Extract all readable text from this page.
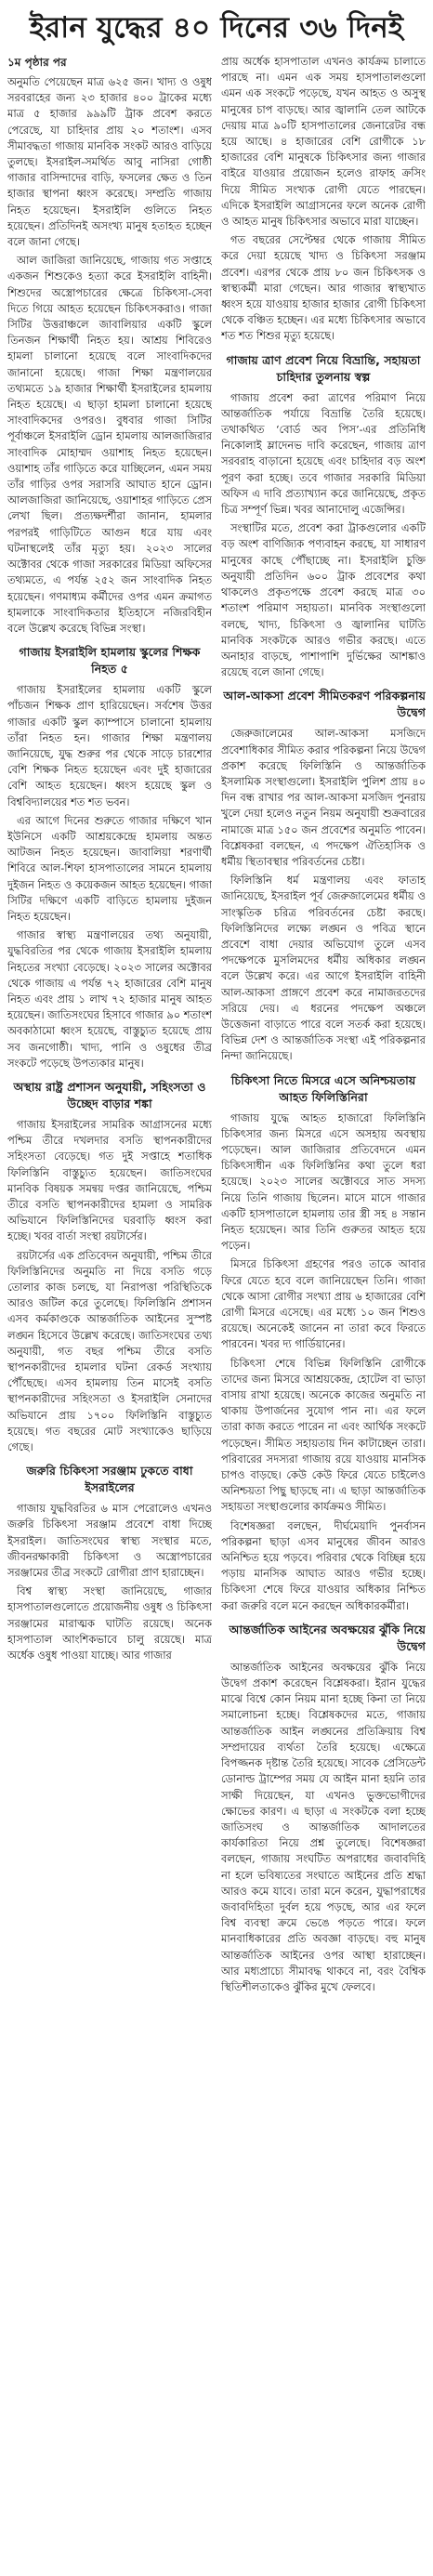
ইরান যুদ্ধের ৪০ দিনের ৩৬ দিনই
১ম পৃষ্ঠার পর

অনুমতি পেয়েছেন মাত্র ৬২৫ জন। খাদ্য ও ওষুধ সরবরাহের জন্য ২৩ হাজার ৪০০ ট্রাকের মধ্যে মাত্র ৫ হাজার ৯৯৯টি ট্রাক প্রবেশ করতে পেরেছে, যা চাহিদার প্রায় ২০ শতাংশ। এসব সীমাবদ্ধতা গাজায় মানবিক সংকট আরও বাড়িয়ে তুলছে। ইসরাইল-সমর্থিত আবু নাসিরা গোষ্ঠী গাজার বাসিন্দাদের বাড়ি, ফসলের ক্ষেত ও তিন হাজার স্থাপনা ধ্বংস করেছে। সম্প্রতি গাজায় নিহত হয়েছেন। ইসরাইলি গুলিতে নিহত হয়েছেন। প্রতিদিনই অসংখ্য মানুষ হতাহত হচ্ছেন বলে জানা গেছে।

আল জাজিরা জানিয়েছে, গাজায় গত সপ্তাহে একজন শিশুকেও হত্যা করে ইসরাইলি বাহিনী। শিশুদের অস্ত্রোপচারের ক্ষেত্রে চিকিৎসা-সেবা দিতে গিয়ে আহত হয়েছেন চিকিৎসকরাও। গাজা সিটির উত্তরাঞ্চলে জাবালিয়ার একটি স্কুলে তিনজন শিক্ষার্থী নিহত হয়। আশ্রয় শিবিরেও হামলা চালানো হয়েছে বলে সাংবাদিকদের জানানো হয়েছে। গাজা শিক্ষা মন্ত্রণালয়ের তথ্যমতে ১৯ হাজার শিক্ষার্থী ইসরাইলের হামলায় নিহত হয়েছে। এ ছাড়া হামলা চালানো হয়েছে সাংবাদিকদের ওপরও। বুধবার গাজা সিটির পূর্বাঞ্চলে ইসরাইলি ড্রোন হামলায় আলজাজিরার সাংবাদিক মোহাম্মদ ওয়াশাহ নিহত হয়েছেন। ওয়াশাহ তাঁর গাড়িতে করে যাচ্ছিলেন, এমন সময় তাঁর গাড়ির ওপর সরাসরি আঘাত হানে ড্রোন। আলজাজিরা জানিয়েছে, ওয়াশাহর গাড়িতে প্রেস লেখা ছিল। প্রত্যক্ষদর্শীরা জানান, হামলার পরপরই গাড়িটিতে আগুন ধরে যায় এবং ঘটনাস্থলেই তাঁর মৃত্যু হয়। ২০২৩ সালের অক্টোবর থেকে গাজা সরকারের মিডিয়া অফিসের তথ্যমতে, এ পর্যন্ত ২৫২ জন সাংবাদিক নিহত হয়েছেন। গণমাধ্যম কর্মীদের ওপর এমন ক্রমাগত হামলাকে সাংবাদিকতার ইতিহাসে নজিরবিহীন বলে উল্লেখ করেছে বিভিন্ন সংস্থা।

গাজায় ইসরাইলি হামলায় স্কুলের শিক্ষক নিহত ৫

গাজায় ইসরাইলের হামলায় একটি স্কুলে পাঁচজন শিক্ষক প্রাণ হারিয়েছেন। সর্বশেষ উত্তর গাজার একটি স্কুল ক্যাম্পাসে চালানো হামলায় তাঁরা নিহত হন। গাজার শিক্ষা মন্ত্রণালয় জানিয়েছে, যুদ্ধ শুরুর পর থেকে সাড়ে চারশোর বেশি শিক্ষক নিহত হয়েছেন এবং দুই হাজারের বেশি আহত হয়েছেন। ধ্বংস হয়েছে স্কুল ও বিশ্ববিদ্যালয়ের শত শত ভবন।

এর আগে দিনের শুরুতে গাজার দক্ষিণে খান ইউনিসে একটি আশ্রয়কেন্দ্রে হামলায় অন্তত আটজন নিহত হয়েছেন। জাবালিয়া শরণার্থী শিবিরে আল-শিফা হাসপাতালের সামনে হামলায় দুইজন নিহত ও কয়েকজন আহত হয়েছেন। গাজা সিটির দক্ষিণে একটি বাড়িতে হামলায় দুইজন নিহত হয়েছেন।

গাজার স্বাস্থ্য মন্ত্রণালয়ের তথ্য অনুযায়ী, যুদ্ধবিরতির পর থেকে গাজায় ইসরাইলি হামলায় নিহতের সংখ্যা বেড়েছে। ২০২৩ সালের অক্টোবর থেকে গাজায় এ পর্যন্ত ৭২ হাজারের বেশি মানুষ নিহত এবং প্রায় ১ লাখ ৭২ হাজার মানুষ আহত হয়েছেন। জাতিসংঘের হিসাবে গাজার ৯০ শতাংশ অবকাঠামো ধ্বংস হয়েছে, বাস্তুচ্যুত হয়েছে প্রায় সব জনগোষ্ঠী। খাদ্য, পানি ও ওষুধের তীব্র সংকটে পড়েছে উপত্যকার মানুষ।

অস্থায় রাষ্ট্র প্রশাসন অনুযায়ী, সহিংসতা ও উচ্ছেদ বাড়ার শঙ্কা

গাজায় ইসরাইলের সামরিক আগ্রাসনের মধ্যে পশ্চিম তীরে দখলদার বসতি স্থাপনকারীদের সহিংসতা বেড়েছে। গত দুই সপ্তাহে শতাধিক ফিলিস্তিনি বাস্তুচ্যুত হয়েছেন। জাতিসংঘের মানবিক বিষয়ক সমন্বয় দপ্তর জানিয়েছে, পশ্চিম তীরে বসতি স্থাপনকারীদের হামলা ও সামরিক অভিযানে ফিলিস্তিনিদের ঘরবাড়ি ধ্বংস করা হচ্ছে। খবর বার্তা সংস্থা রয়টার্সের।

রয়টার্সের এক প্রতিবেদন অনুযায়ী, পশ্চিম তীরে ফিলিস্তিনিদের অনুমতি না দিয়ে বসতি গড়ে তোলার কাজ চলছে, যা নিরাপত্তা পরিস্থিতিকে আরও জটিল করে তুলেছে। ফিলিস্তিনি প্রশাসন এসব কর্মকাণ্ডকে আন্তর্জাতিক আইনের সুস্পষ্ট লঙ্ঘন হিসেবে উল্লেখ করেছে। জাতিসংঘের তথ্য অনুযায়ী, গত বছর পশ্চিম তীরে বসতি স্থাপনকারীদের হামলার ঘটনা রেকর্ড সংখ্যায় পৌঁছেছে। এসব হামলায় তিন মাসেই বসতি স্থাপনকারীদের সহিংসতা ও ইসরাইলি সেনাদের অভিযানে প্রায় ১৭০০ ফিলিস্তিনি বাস্তুচ্যুত হয়েছে। গত বছরের মোট সংখ্যাকেও ছাড়িয়ে গেছে।

জরুরি চিকিৎসা সরঞ্জাম ঢুকতে বাধা ইসরাইলের

গাজায় যুদ্ধবিরতির ৬ মাস পেরোলেও এখনও জরুরি চিকিৎসা সরঞ্জাম প্রবেশে বাধা দিচ্ছে ইসরাইল। জাতিসংঘের স্বাস্থ্য সংস্থার মতে, জীবনরক্ষাকারী চিকিৎসা ও অস্ত্রোপচারের সরঞ্জামের তীব্র সংকটে রোগীরা প্রাণ হারাচ্ছেন।

বিশ্ব স্বাস্থ্য সংস্থা জানিয়েছে, গাজার হাসপাতালগুলোতে প্রয়োজনীয় ওষুধ ও চিকিৎসা সরঞ্জামের মারাত্মক ঘাটতি রয়েছে। অনেক হাসপাতাল আংশিকভাবে চালু রয়েছে। মাত্র অর্ধেক ওষুধ পাওয়া যাচ্ছে। আর গাজার

প্রায় অর্ধেক হাসপাতাল এখনও কার্যক্রম চালাতে পারছে না। এমন এক সময় হাসপাতালগুলো এমন এক সংকটে পড়েছে, যখন আহত ও অসুস্থ মানুষের চাপ বাড়ছে। আর জ্বালানি তেল আটকে দেয়ায় মাত্র ৯০টি হাসপাতালের জেনারেটর বন্ধ হয়ে আছে। ৪ হাজারের বেশি রোগীকে ১৮ হাজারের বেশি মানুষকে চিকিৎসার জন্য গাজার বাইরে যাওয়ার প্রয়োজন হলেও রাফাহ ক্রসিং দিয়ে সীমিত সংখ্যক রোগী যেতে পারছেন। এদিকে ইসরাইলি আগ্রাসনের ফলে অনেক রোগী ও আহত মানুষ চিকিৎসার অভাবে মারা যাচ্ছেন।

গত বছরের সেপ্টেম্বর থেকে গাজায় সীমিত করে দেয়া হয়েছে খাদ্য ও চিকিৎসা সরঞ্জাম প্রবেশ। এরপর থেকে প্রায় ৮০ জন চিকিৎসক ও স্বাস্থ্যকর্মী মারা গেছেন। আর গাজার স্বাস্থ্যখাত ধ্বংস হয়ে যাওয়ায় হাজার হাজার রোগী চিকিৎসা থেকে বঞ্চিত হচ্ছেন। এর মধ্যে চিকিৎসার অভাবে শত শত শিশুর মৃত্যু হয়েছে।

গাজায় ত্রাণ প্রবেশ নিয়ে বিভ্রান্তি, সহায়তা চাহিদার তুলনায় স্বল্প

গাজায় প্রবেশ করা ত্রাণের পরিমাণ নিয়ে আন্তর্জাতিক পর্যায়ে বিভ্রান্তি তৈরি হয়েছে। তথাকথিত ‘বোর্ড অব পিস’-এর প্রতিনিধি নিকোলাই ম্লাদেনভ দাবি করেছেন, গাজায় ত্রাণ সরবরাহ বাড়ানো হয়েছে এবং চাহিদার বড় অংশ পূরণ করা হচ্ছে। তবে গাজার সরকারি মিডিয়া অফিস এ দাবি প্রত্যাখ্যান করে জানিয়েছে, প্রকৃত চিত্র সম্পূর্ণ ভিন্ন। খবর আনাদোলু এজেন্সির।

সংস্থাটির মতে, প্রবেশ করা ট্রাকগুলোর একটি বড় অংশ বাণিজ্যিক পণ্যবাহন করছে, যা সাধারণ মানুষের কাছে পৌঁছাচ্ছে না। ইসরাইলি চুক্তি অনুযায়ী প্রতিদিন ৬০০ ট্রাক প্রবেশের কথা থাকলেও প্রকৃতপক্ষে প্রবেশ করছে মাত্র ৩০ শতাংশ পরিমাণ সহায়তা। মানবিক সংস্থাগুলো বলছে, খাদ্য, চিকিৎসা ও জ্বালানির ঘাটতি মানবিক সংকটকে আরও গভীর করছে। এতে অনাহার বাড়ছে, পাশাপাশি দুর্ভিক্ষের আশঙ্কাও রয়েছে বলে জানা গেছে।

আল-আকসা প্রবেশ সীমিতকরণ পরিকল্পনায় উদ্বেগ

জেরুজালেমের আল-আকসা মসজিদে প্রবেশাধিকার সীমিত করার পরিকল্পনা নিয়ে উদ্বেগ প্রকাশ করেছে ফিলিস্তিনি ও আন্তর্জাতিক ইসলামিক সংস্থাগুলো। ইসরাইলি পুলিশ প্রায় ৪০ দিন বন্ধ রাখার পর আল-আকসা মসজিদ পুনরায় খুলে দেয়া হলেও নতুন নিয়ম অনুযায়ী শুক্রবারের নামাজে মাত্র ১৫০ জন প্রবেশের অনুমতি পাবেন। বিশ্লেষকরা বলছেন, এ পদক্ষেপ ঐতিহাসিক ও ধর্মীয় স্থিতাবস্থার পরিবর্তনের চেষ্টা।

ফিলিস্তিনি ধর্ম মন্ত্রণালয় এবং ফাতাহ জানিয়েছে, ইসরাইল পূর্ব জেরুজালেমের ধর্মীয় ও সাংস্কৃতিক চরিত্র পরিবর্তনের চেষ্টা করছে। ফিলিস্তিনিদের লক্ষ্যে লঙ্ঘন ও পবিত্র স্থানে প্রবেশে বাধা দেয়ার অভিযোগ তুলে এসব পদক্ষেপকে মুসলিমদের ধর্মীয় অধিকার লঙ্ঘন বলে উল্লেখ করে। এর আগে ইসরাইলি বাহিনী আল-আকসা প্রাঙ্গণে প্রবেশ করে নামাজরতদের সরিয়ে দেয়। এ ধরনের পদক্ষেপ অঞ্চলে উত্তেজনা বাড়াতে পারে বলে সতর্ক করা হয়েছে। বিভিন্ন দেশ ও আন্তর্জাতিক সংস্থা এই পরিকল্পনার নিন্দা জানিয়েছে।

চিকিৎসা নিতে মিসরে এসে অনিশ্চয়তায় আহত ফিলিস্তিনিরা

গাজায় যুদ্ধে আহত হাজারো ফিলিস্তিনি চিকিৎসার জন্য মিসরে এসে অসহায় অবস্থায় পড়েছেন। আল জাজিরার প্রতিবেদনে এমন চিকিৎসাধীন এক ফিলিস্তিনির কথা তুলে ধরা হয়েছে। ২০২৩ সালের অক্টোবরে সাত সদস্য নিয়ে তিনি গাজায় ছিলেন। মাসে মাসে গাজার একটি হাসপাতালে হামলায় তার স্ত্রী সহ ৪ সন্তান নিহত হয়েছেন। আর তিনি গুরুতর আহত হয়ে পড়েন।

মিসরে চিকিৎসা গ্রহণের পরও তাকে আবার ফিরে যেতে হবে বলে জানিয়েছেন তিনি। গাজা থেকে আসা রোগীর সংখ্যা প্রায় ৬ হাজারের বেশি রোগী মিসরে এসেছে। এর মধ্যে ১০ জন শিশুও রয়েছে। অনেকেই জানেন না তারা কবে ফিরতে পারবেন। খবর দ্য গার্ডিয়ানের।

চিকিৎসা শেষে বিভিন্ন ফিলিস্তিনি রোগীকে তাদের জন্য মিসরে আশ্রয়কেন্দ্র, হোটেল বা ভাড়া বাসায় রাখা হয়েছে। অনেকে কাজের অনুমতি না থাকায় উপার্জনের সুযোগ পান না। এর ফলে তারা কাজ করতে পারেন না এবং আর্থিক সংকটে পড়েছেন। সীমিত সহায়তায় দিন কাটাচ্ছেন তারা। পরিবারের সদস্যরা গাজায় রয়ে যাওয়ায় মানসিক চাপও বাড়ছে। কেউ কেউ ফিরে যেতে চাইলেও অনিশ্চয়তা পিছু ছাড়ছে না। এ ছাড়া আন্তর্জাতিক সহায়তা সংস্থাগুলোর কার্যক্রমও সীমিত।

বিশেষজ্ঞরা বলছেন, দীর্ঘমেয়াদি পুনর্বাসন পরিকল্পনা ছাড়া এসব মানুষের জীবন আরও অনিশ্চিত হয়ে পড়বে। পরিবার থেকে বিচ্ছিন্ন হয়ে পড়ায় মানসিক আঘাত আরও গভীর হচ্ছে। চিকিৎসা শেষে ফিরে যাওয়ার অধিকার নিশ্চিত করা জরুরি বলে মনে করছেন অধিকারকর্মীরা।

আন্তর্জাতিক আইনের অবক্ষয়ের ঝুঁকি নিয়ে উদ্বেগ

আন্তর্জাতিক আইনের অবক্ষয়ের ঝুঁকি নিয়ে উদ্বেগ প্রকাশ করেছেন বিশ্লেষকরা। ইরান যুদ্ধের মাঝে বিশ্বে কোন নিয়ম মানা হচ্ছে কিনা তা নিয়ে সমালোচনা হচ্ছে। বিশ্লেষকদের মতে, গাজায় আন্তর্জাতিক আইন লঙ্ঘনের প্রতিক্রিয়ায় বিশ্ব সম্প্রদায়ের ব্যর্থতা তৈরি হয়েছে। এক্ষেত্রে বিপজ্জনক দৃষ্টান্ত তৈরি হয়েছে। সাবেক প্রেসিডেন্ট ডোনাল্ড ট্রাম্পের সময় যে আইন মানা হয়নি তার সাক্ষী দিয়েছেন, যা এখনও ভুক্তভোগীদের ক্ষোভের কারণ। এ ছাড়া এ সংকটকে বলা হচ্ছে জাতিসংঘ ও আন্তর্জাতিক আদালতের কার্যকারিতা নিয়ে প্রশ্ন তুলেছে। বিশেষজ্ঞরা বলছেন, গাজায় সংঘটিত অপরাধের জবাবদিহি না হলে ভবিষ্যতের সংঘাতে আইনের প্রতি শ্রদ্ধা আরও কমে যাবে। তারা মনে করেন, যুদ্ধাপরাধের জবাবদিহিতা দুর্বল হয়ে পড়ছে, আর এর ফলে বিশ্ব ব্যবস্থা ক্রমে ভেঙে পড়তে পারে। ফলে মানবাধিকারের প্রতি অবজ্ঞা বাড়ছে। বহু মানুষ আন্তর্জাতিক আইনের ওপর আস্থা হারাচ্ছেন। আর মধ্যপ্রাচ্যে সীমাবদ্ধ থাকবে না, বরং বৈশ্বিক স্থিতিশীলতাকেও ঝুঁকির মুখে ফেলবে।
